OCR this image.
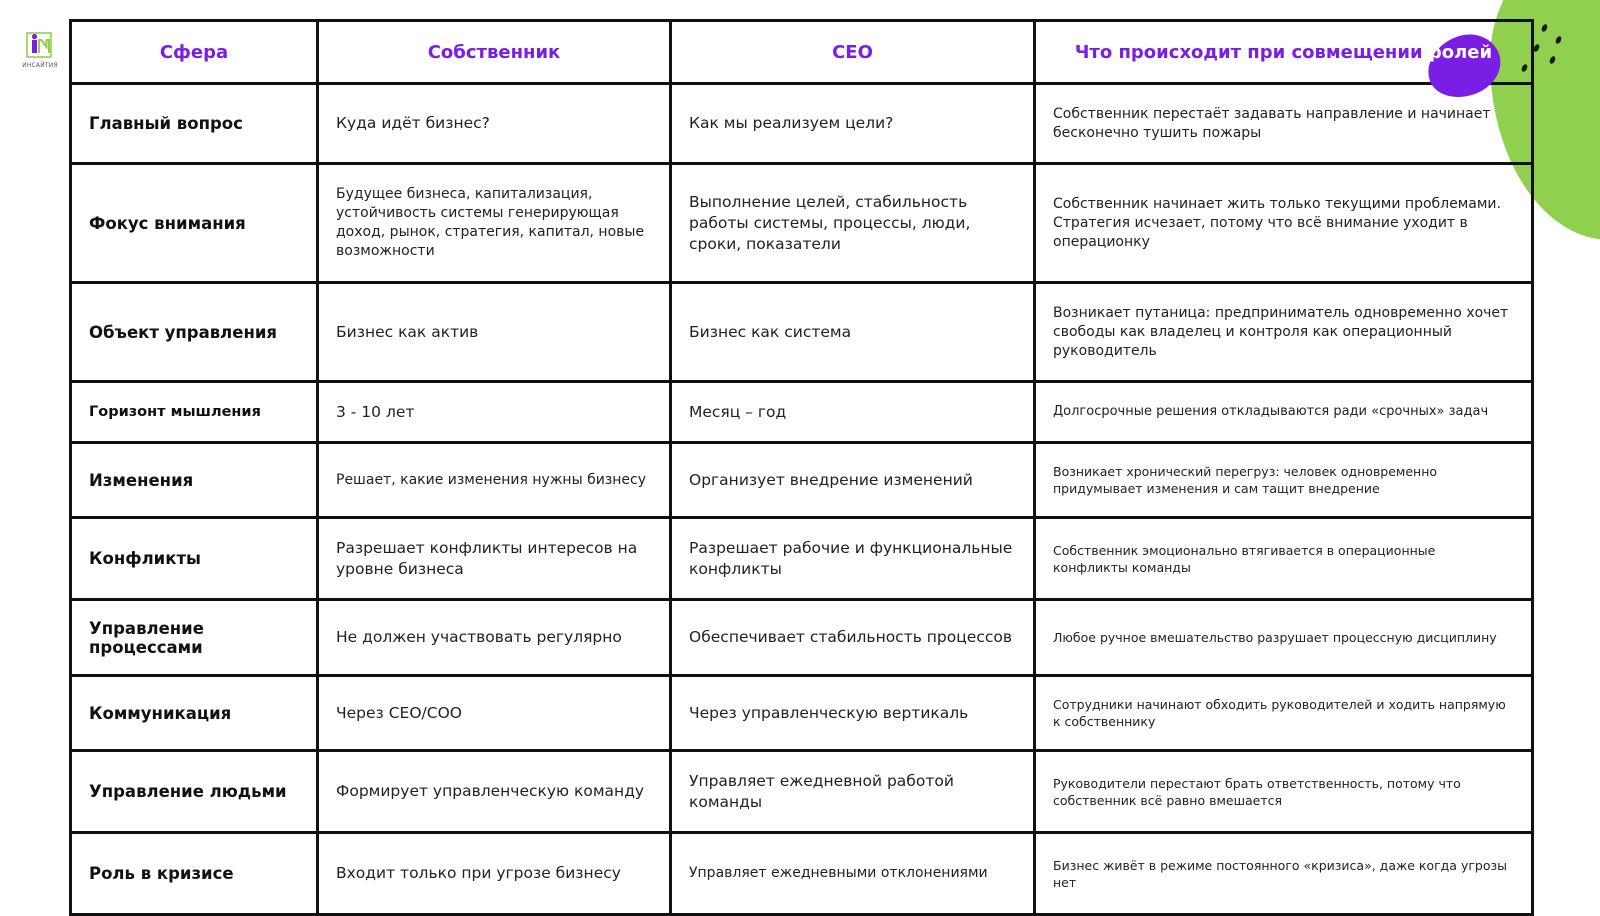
ИНСАЙТИЯ
Сфера	Собственник	CEO	Что происходит при совмещении ролей
Главный вопрос	Куда идёт бизнес?	Как мы реализуем цели?	Собственник перестаёт задавать направление и начинает бесконечно тушить пожары
Фокус внимания	Будущее бизнеса, капитализация, устойчивость системы генерирующая доход, рынок, стратегия, капитал, новые возможности	Выполнение целей, стабильность работы системы, процессы, люди, сроки, показатели	Собственник начинает жить только текущими проблемами. Стратегия исчезает, потому что всё внимание уходит в операционку
Объект управления	Бизнес как актив	Бизнес как система	Возникает путаница: предприниматель одновременно хочет свободы как владелец и контроля как операционный руководитель
Горизонт мышления	3 - 10 лет	Месяц – год	Долгосрочные решения откладываются ради «срочных» задач
Изменения	Решает, какие изменения нужны бизнесу	Организует внедрение изменений	Возникает хронический перегруз: человек одновременно придумывает изменения и сам тащит внедрение
Конфликты	Разрешает конфликты интересов на уровне бизнеса	Разрешает рабочие и функциональные конфликты	Собственник эмоционально втягивается в операционные конфликты команды
Управление процессами	Не должен участвовать регулярно	Обеспечивает стабильность процессов	Любое ручное вмешательство разрушает процессную дисциплину
Коммуникация	Через CEO/COO	Через управленческую вертикаль	Сотрудники начинают обходить руководителей и ходить напрямую к собственнику
Управление людьми	Формирует управленческую команду	Управляет ежедневной работой команды	Руководители перестают брать ответственность, потому что собственник всё равно вмешается
Роль в кризисе	Входит только при угрозе бизнесу	Управляет ежедневными отклонениями	Бизнес живёт в режиме постоянного «кризиса», даже когда угрозы нет
